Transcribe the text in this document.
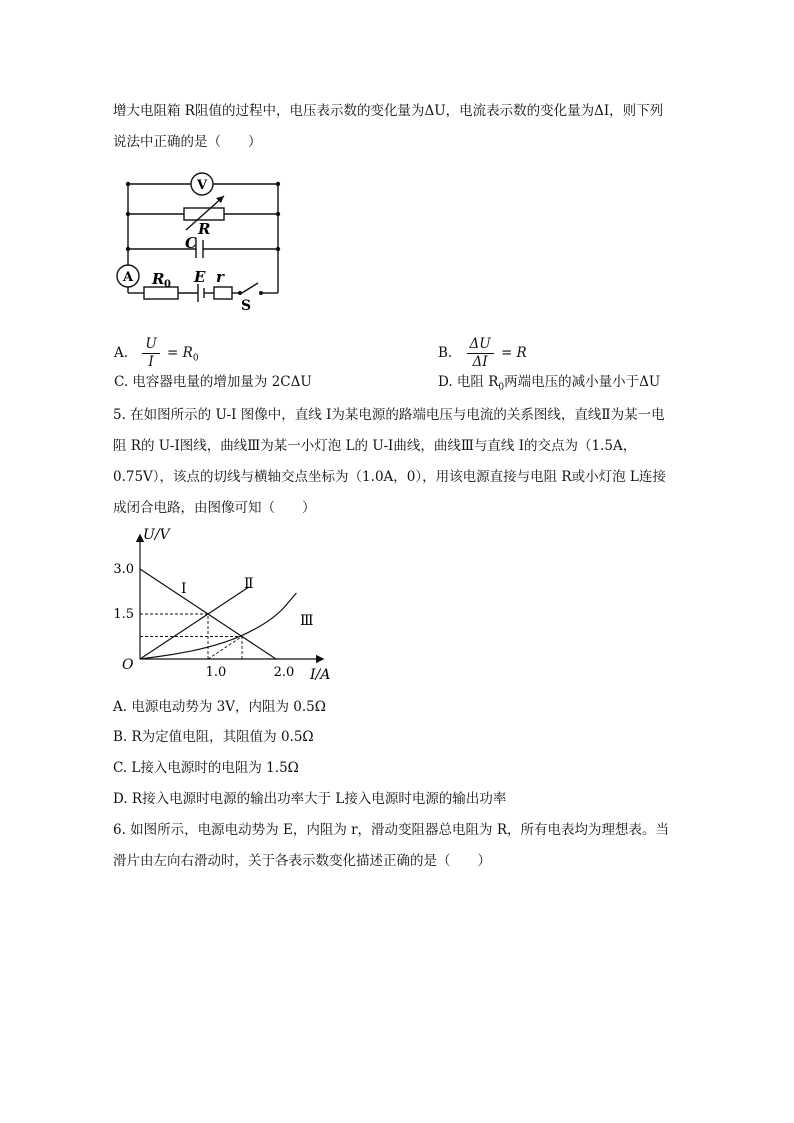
增大电阻箱 R阻值的过程中，电压表示数的变化量为ΔU，电流表示数的变化量为ΔI，则下列
说法中正确的是（　　）
V
A
R
C
R 0 E r
S
A. $\frac{U}{I} = R_0$	B. $\frac{\Delta U}{\Delta I} = R$
C. 电容器电量的增加量为 2CΔU	D. 电阻 $R_0$两端电压的减小量小于ΔU
5. 在如图所示的 U-I 图像中，直线 I为某电源的路端电压与电流的关系图线，直线Ⅱ为某一电
阻 R的 U-I图线，曲线Ⅲ为某一小灯泡 L的 U-I曲线，曲线Ⅲ与直线 I的交点为（1.5A，
0.75V），该点的切线与横轴交点坐标为（1.0A，0），用该电源直接与电阻 R或小灯泡 L连接
成闭合电路，由图像可知（　　）
U/V
I/A
O	1.0	2.0
3.0
1.5
I	Ⅱ
Ⅲ
A. 电源电动势为 3V，内阻为 0.5Ω
B. R为定值电阻，其阻值为 0.5Ω
C. L接入电源时的电阻为 1.5Ω
D. R接入电源时电源的输出功率大于 L接入电源时电源的输出功率
6. 如图所示，电源电动势为 E，内阻为 r，滑动变阻器总电阻为 R，所有电表均为理想表。当
滑片由左向右滑动时，关于各表示数变化描述正确的是（　　）
